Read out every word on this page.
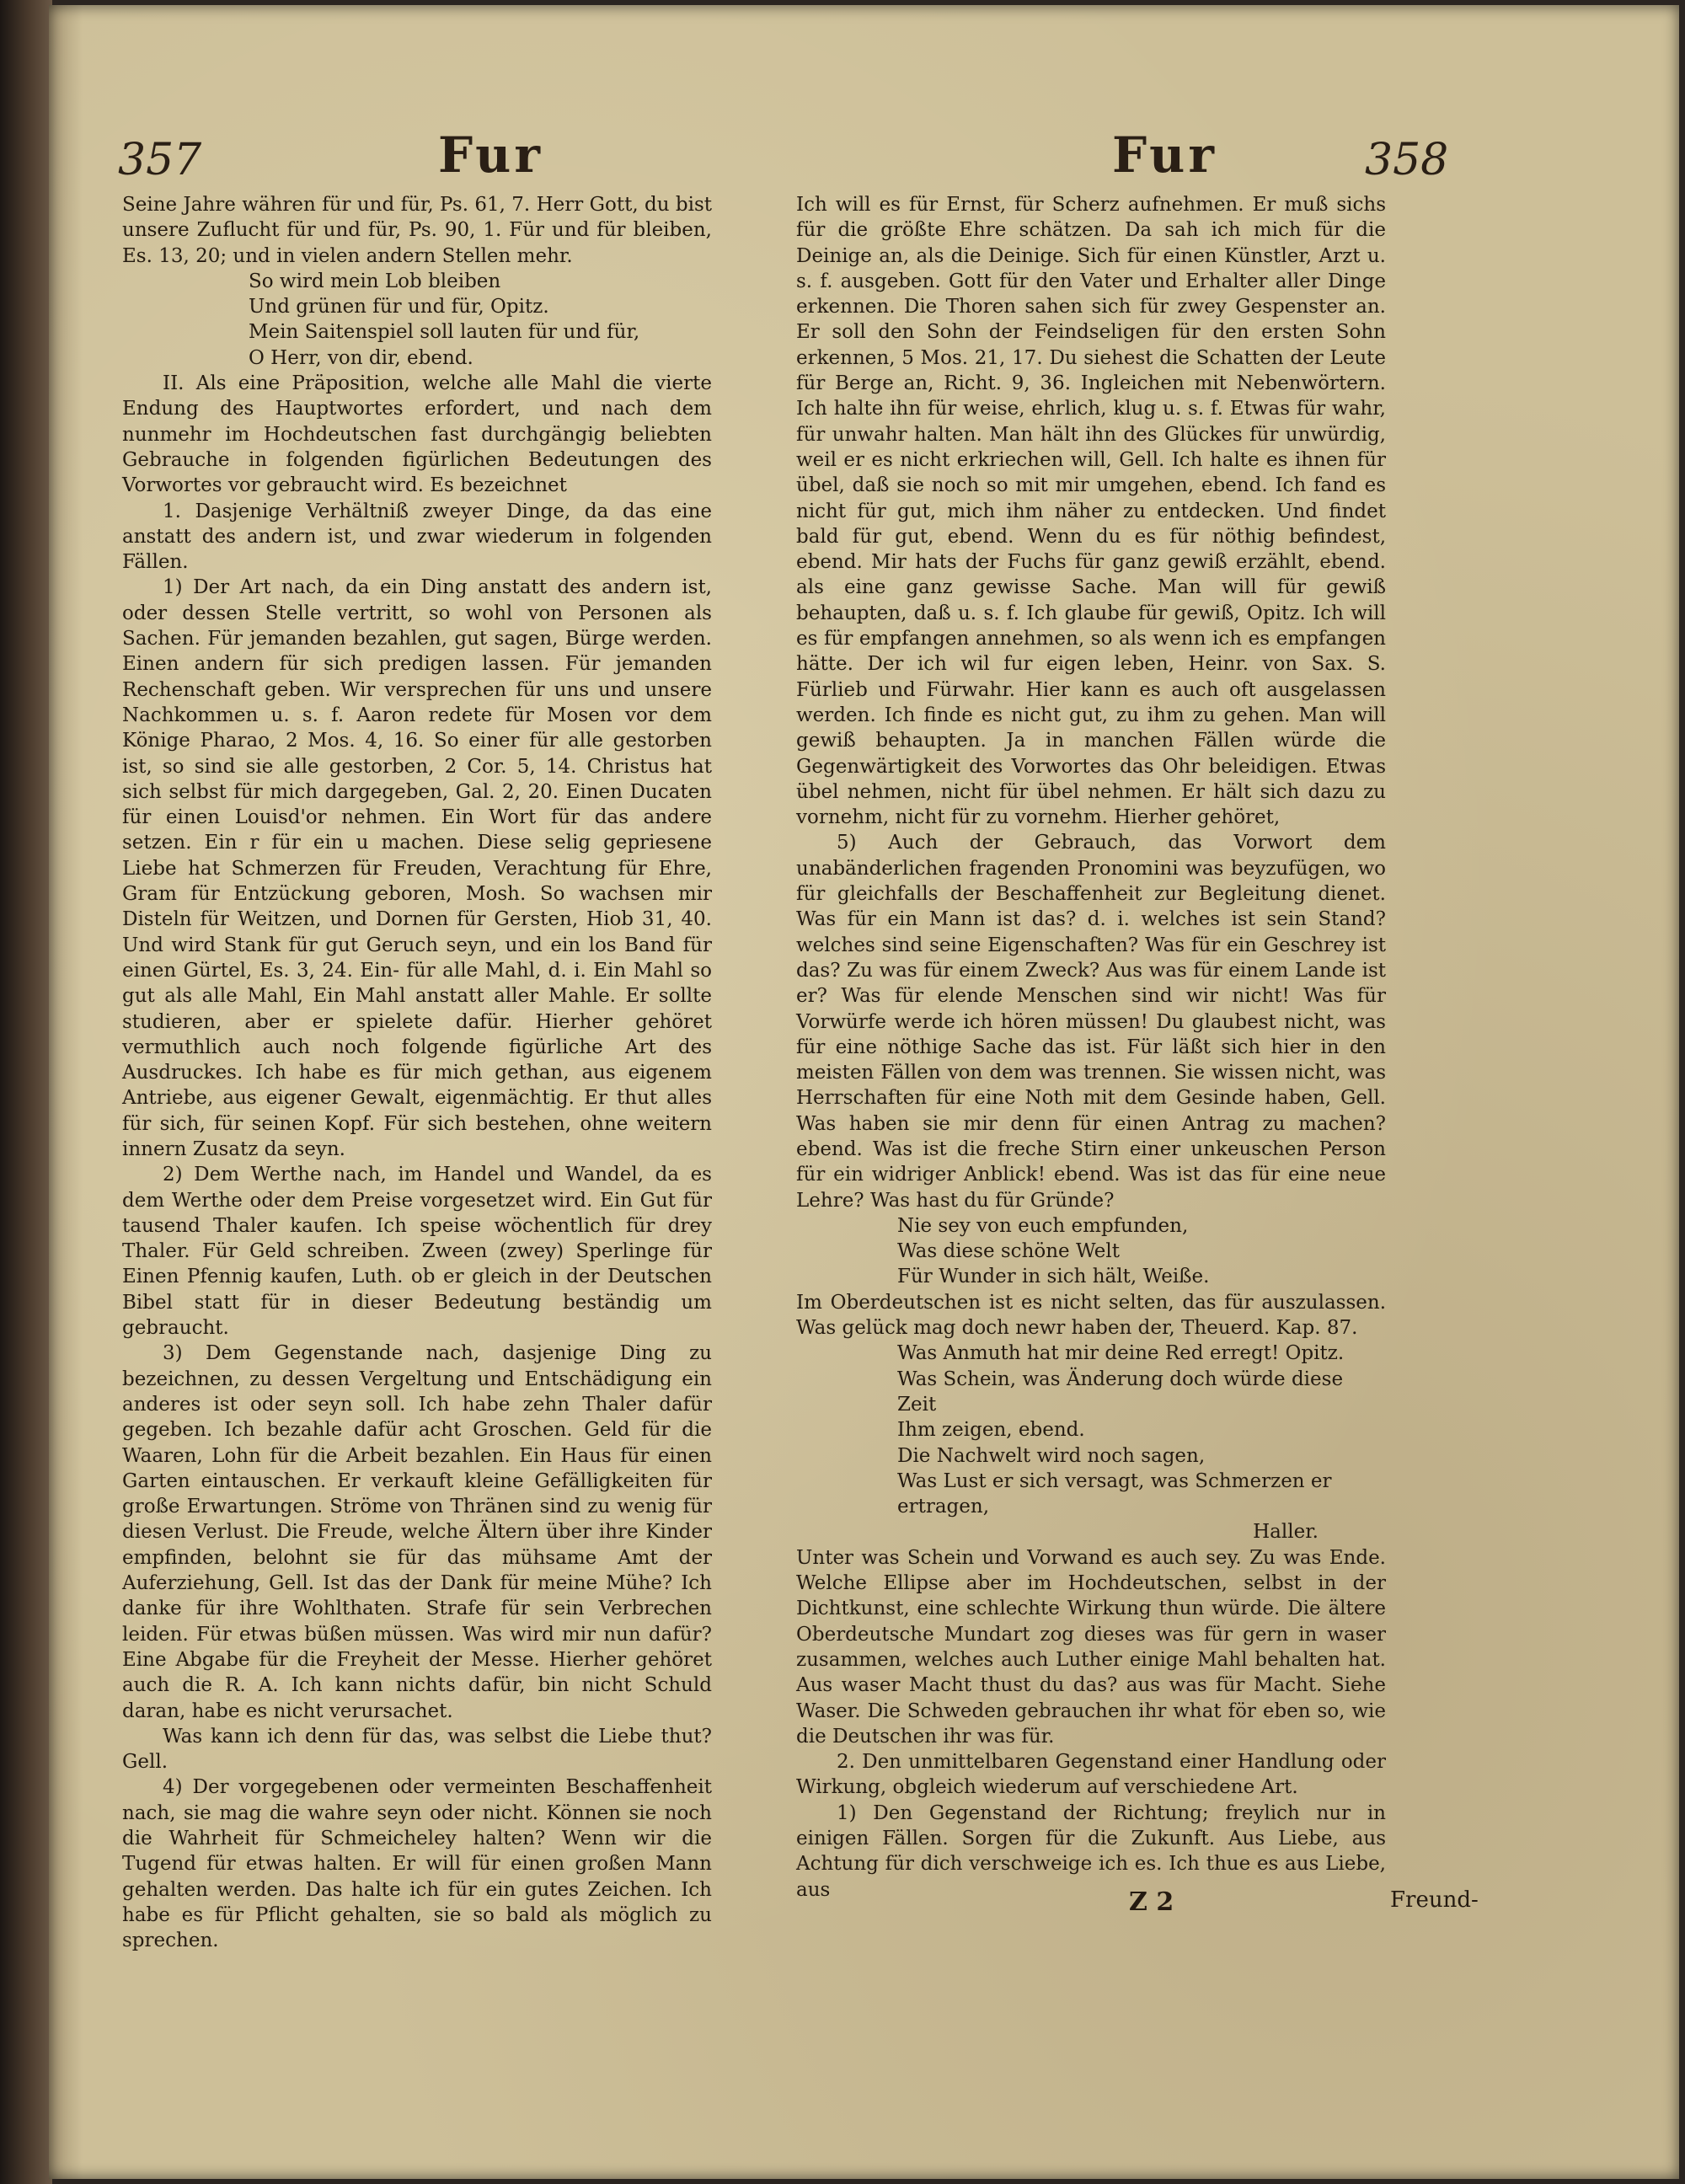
357	Fur	Fur	358

Seine Jahre währen für und für, Ps. 61, 7. Herr Gott, du bist unsere Zuflucht für und für, Ps. 90, 1. Für und für bleiben, Es. 13, 20; und in vielen andern Stellen mehr.

So wird mein Lob bleiben

Und grünen für und für, Opitz.

Mein Saitenspiel soll lauten für und für,

O Herr, von dir, ebend.

II. Als eine Präposition, welche alle Mahl die vierte Endung des Hauptwortes erfordert, und nach dem nunmehr im Hochdeutschen fast durchgängig beliebten Gebrauche in folgenden figürlichen Bedeutungen des Vorwortes vor gebraucht wird. Es bezeichnet

1. Dasjenige Verhältniß zweyer Dinge, da das eine anstatt des andern ist, und zwar wiederum in folgenden Fällen.

1) Der Art nach, da ein Ding anstatt des andern ist, oder dessen Stelle vertritt, so wohl von Personen als Sachen. Für jemanden bezahlen, gut sagen, Bürge werden. Einen andern für sich predigen lassen. Für jemanden Rechenschaft geben. Wir versprechen für uns und unsere Nachkommen u. s. f. Aaron redete für Mosen vor dem Könige Pharao, 2 Mos. 4, 16. So einer für alle gestorben ist, so sind sie alle gestorben, 2 Cor. 5, 14. Christus hat sich selbst für mich dargegeben, Gal. 2, 20. Einen Ducaten für einen Louisd'or nehmen. Ein Wort für das andere setzen. Ein r für ein u machen. Diese selig gepriesene Liebe hat Schmerzen für Freuden, Verachtung für Ehre, Gram für Entzückung geboren, Mosh. So wachsen mir Disteln für Weitzen, und Dornen für Gersten, Hiob 31, 40. Und wird Stank für gut Geruch seyn, und ein los Band für einen Gürtel, Es. 3, 24. Ein- für alle Mahl, d. i. Ein Mahl so gut als alle Mahl, Ein Mahl anstatt aller Mahle. Er sollte studieren, aber er spielete dafür. Hierher gehöret vermuthlich auch noch folgende figürliche Art des Ausdruckes. Ich habe es für mich gethan, aus eigenem Antriebe, aus eigener Gewalt, eigenmächtig. Er thut alles für sich, für seinen Kopf. Für sich bestehen, ohne weitern innern Zusatz da seyn.

2) Dem Werthe nach, im Handel und Wandel, da es dem Werthe oder dem Preise vorgesetzet wird. Ein Gut für tausend Thaler kaufen. Ich speise wöchentlich für drey Thaler. Für Geld schreiben. Zween (zwey) Sperlinge für Einen Pfennig kaufen, Luth. ob er gleich in der Deutschen Bibel statt für in dieser Bedeutung beständig um gebraucht.

3) Dem Gegenstande nach, dasjenige Ding zu bezeichnen, zu dessen Vergeltung und Entschädigung ein anderes ist oder seyn soll. Ich habe zehn Thaler dafür gegeben. Ich bezahle dafür acht Groschen. Geld für die Waaren, Lohn für die Arbeit bezahlen. Ein Haus für einen Garten eintauschen. Er verkauft kleine Gefälligkeiten für große Erwartungen. Ströme von Thränen sind zu wenig für diesen Verlust. Die Freude, welche Ältern über ihre Kinder empfinden, belohnt sie für das mühsame Amt der Auferziehung, Gell. Ist das der Dank für meine Mühe? Ich danke für ihre Wohlthaten. Strafe für sein Verbrechen leiden. Für etwas büßen müssen. Was wird mir nun dafür? Eine Abgabe für die Freyheit der Messe. Hierher gehöret auch die R. A. Ich kann nichts dafür, bin nicht Schuld daran, habe es nicht verursachet.

Was kann ich denn für das, was selbst die Liebe thut? Gell.

4) Der vorgegebenen oder vermeinten Beschaffenheit nach, sie mag die wahre seyn oder nicht. Können sie noch die Wahrheit für Schmeicheley halten? Wenn wir die Tugend für etwas halten. Er will für einen großen Mann gehalten werden. Das halte ich für ein gutes Zeichen. Ich habe es für Pflicht gehalten, sie so bald als möglich zu sprechen.

Ich will es für Ernst, für Scherz aufnehmen. Er muß sichs für die größte Ehre schätzen. Da sah ich mich für die Deinige an, als die Deinige. Sich für einen Künstler, Arzt u. s. f. ausgeben. Gott für den Vater und Erhalter aller Dinge erkennen. Die Thoren sahen sich für zwey Gespenster an. Er soll den Sohn der Feindseligen für den ersten Sohn erkennen, 5 Mos. 21, 17. Du siehest die Schatten der Leute für Berge an, Richt. 9, 36. Ingleichen mit Nebenwörtern. Ich halte ihn für weise, ehrlich, klug u. s. f. Etwas für wahr, für unwahr halten. Man hält ihn des Glückes für unwürdig, weil er es nicht erkriechen will, Gell. Ich halte es ihnen für übel, daß sie noch so mit mir umgehen, ebend. Ich fand es nicht für gut, mich ihm näher zu entdecken. Und findet bald für gut, ebend. Wenn du es für nöthig befindest, ebend. Mir hats der Fuchs für ganz gewiß erzählt, ebend. als eine ganz gewisse Sache. Man will für gewiß behaupten, daß u. s. f. Ich glaube für gewiß, Opitz. Ich will es für empfangen annehmen, so als wenn ich es empfangen hätte. Der ich wil fur eigen leben, Heinr. von Sax. S. Fürlieb und Fürwahr. Hier kann es auch oft ausgelassen werden. Ich finde es nicht gut, zu ihm zu gehen. Man will gewiß behaupten. Ja in manchen Fällen würde die Gegenwärtigkeit des Vorwortes das Ohr beleidigen. Etwas übel nehmen, nicht für übel nehmen. Er hält sich dazu zu vornehm, nicht für zu vornehm. Hierher gehöret,

5) Auch der Gebrauch, das Vorwort dem unabänderlichen fragenden Pronomini was beyzufügen, wo für gleichfalls der Beschaffenheit zur Begleitung dienet. Was für ein Mann ist das? d. i. welches ist sein Stand? welches sind seine Eigenschaften? Was für ein Geschrey ist das? Zu was für einem Zweck? Aus was für einem Lande ist er? Was für elende Menschen sind wir nicht! Was für Vorwürfe werde ich hören müssen! Du glaubest nicht, was für eine nöthige Sache das ist. Für läßt sich hier in den meisten Fällen von dem was trennen. Sie wissen nicht, was Herrschaften für eine Noth mit dem Gesinde haben, Gell. Was haben sie mir denn für einen Antrag zu machen? ebend. Was ist die freche Stirn einer unkeuschen Person für ein widriger Anblick! ebend. Was ist das für eine neue Lehre? Was hast du für Gründe?

Nie sey von euch empfunden,

Was diese schöne Welt

Für Wunder in sich hält, Weiße.

Im Oberdeutschen ist es nicht selten, das für auszulassen. Was gelück mag doch newr haben der, Theuerd. Kap. 87.

Was Anmuth hat mir deine Red erregt! Opitz.

Was Schein, was Änderung doch würde diese Zeit

Ihm zeigen, ebend.

Die Nachwelt wird noch sagen,

Was Lust er sich versagt, was Schmerzen er ertragen,

Haller.

Unter was Schein und Vorwand es auch sey. Zu was Ende. Welche Ellipse aber im Hochdeutschen, selbst in der Dichtkunst, eine schlechte Wirkung thun würde. Die ältere Oberdeutsche Mundart zog dieses was für gern in waser zusammen, welches auch Luther einige Mahl behalten hat. Aus waser Macht thust du das? aus was für Macht. Siehe Waser. Die Schweden gebrauchen ihr what för eben so, wie die Deutschen ihr was für.

2. Den unmittelbaren Gegenstand einer Handlung oder Wirkung, obgleich wiederum auf verschiedene Art.

1) Den Gegenstand der Richtung; freylich nur in einigen Fällen. Sorgen für die Zukunft. Aus Liebe, aus Achtung für dich verschweige ich es. Ich thue es aus Liebe, aus	Z 2	Freund-
